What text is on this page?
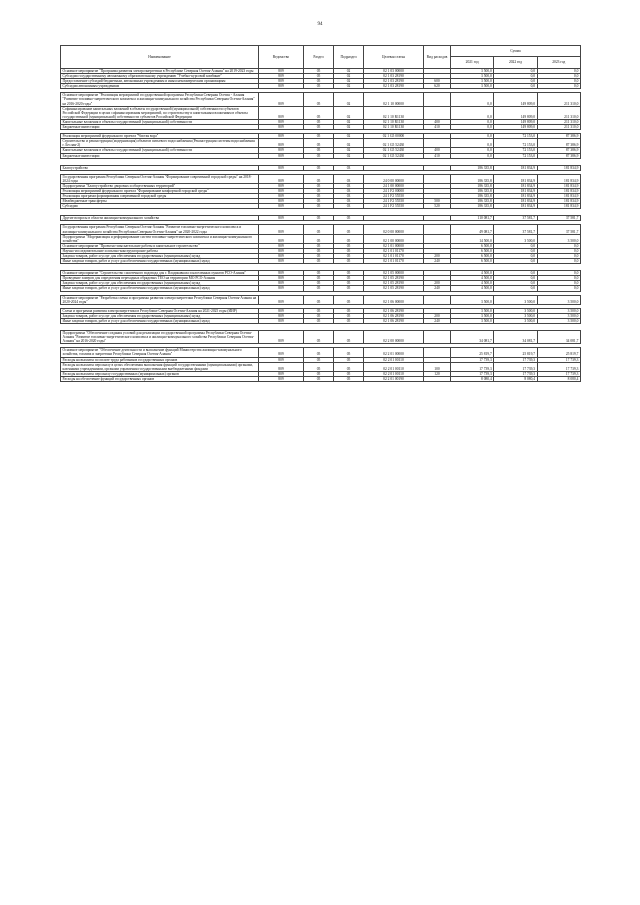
94
Наименование	Ведомство	Раздел	Подраздел	Целевая статья	Вид расходов	Сумма		
						2021 год	2022 год	2023 год
Основное мероприятие "Программа развития электроэнергетики в Республике Северная Осетия-Алания" на 2019-2023 годы	809	05	02	02 1 03 00000		3 500,0	0,0	0,0
Субсидии государственному автономному образовательному учреждению "Учебно-курсовой комбинат"	809	05	02	02 1 03 28190		3 500,0	0,0	0,0
Предоставление субсидий бюджетным, автономным учреждениям и иным некоммерческим организациям	809	05	02	02 1 03 28190	600	3 500,0	0,0	0,0
Субсидии автономным учреждениям	809	05	02	02 1 03 28190	620	3 500,0	0,0	0,0

Основное мероприятие "Реализация мероприятий государственной программы Республики Северная Осетия - Алания "Развитие топливно-энергетического комплекса и жилищно-коммунального хозяйства Республики Северная Осетия-Алания" на 2016-2020 годы"	809	05	02	02 1 10 00000		0,0	149 809,0	211 310,0
Софинансирование капитальных вложений в объекты государственной (муниципальной) собственности субъектов Российской Федерации в целях софинансирования мероприятий, по строительству и капитальным вложениям в объекты государственной (муниципальной) собственности субъектов Российской Федерации	809	05	02	02 1 10 R1130		0,0	149 809,0	211 310,0
Капитальные вложения в объекты государственной (муниципальной) собственности	809	05	02	02 1 10 R1130	400	0,0	149 809,0	211 310,0
Бюджетные инвестиции	809	05	02	02 1 10 R1130	410	0,0	149 809,0	211 310,0

Реализация мероприятий федерального проекта "Чистая вода"	809	05	02	02 1 G5 00000		0,0	72 153,0	87 386,9
Строительство и реконструкция (модернизация) объектов питьевого водоснабжения (Реконструкция системы водоснабжения г. Беслан-2)	809	05	02	02 1 G5 52430		0,0	72 153,0	87 386,9
Капитальные вложения в объекты государственной (муниципальной) собственности	809	05	02	02 1 G5 52430	400	0,0	72 153,0	87 386,9
Бюджетные инвестиции	809	05	02	02 1 G5 52430	410	0,0	72 153,0	87 386,9

Благоустройство	809	05	03			186 335,8	181 834,9	181 834,9

Государственная программа Республики Северная Осетия-Алания "Формирование современной городской среды" на 2018-2024 годы	809	05	03	24 0 00 00000		186 335,8	181 834,9	181 834,9
Подпрограмма "Благоустройство дворовых и общественных территорий"	809	05	03	24 1 00 00000		186 335,8	181 834,9	181 834,9
Реализация мероприятий федерального проекта "Формирование комфортной городской среды"	809	05	03	24 1 F2 00000		186 335,8	181 834,9	181 834,9
Реализация программ формирования современной городской среды	809	05	03	24 1 F2 55550		186 335,8	181 834,9	181 834,9
Межбюджетные трансферты	809	05	03	24 1 F2 55550	500	186 335,8	181 834,9	181 834,9
Субсидии	809	05	03	24 1 F2 55550	520	186 335,8	181 834,9	181 834,9

Другие вопросы в области жилищно-коммунального хозяйства	809	05	05			110 081,7	37 581,7	37 581,7

Государственная программа Республики Северная Осетия-Алания "Развитие топливно-энергетического комплекса и жилищно-коммунального хозяйства Республики Северная Осетия-Алания" на 2020-2022 годы	809	05	05	02 0 00 00000		49 081,7	37 581,7	37 581,7
Подпрограмма "Модернизация и реформирование систем топливно-энергетического комплекса и жилищно-коммунального хозяйства"	809	05	05	02 1 00 00000		14 500,0	3 500,0	3 500,0
Основное мероприятие "Проектно-изыскательские работы и капитальное строительство"	809	05	05	02 1 01 00000		6 500,0	0,0	0,0
Научно-исследовательские и опытно-конструкторские работы	809	05	05	02 1 01 01170		6 500,0	0,0	0,0
Закупка товаров, работ и услуг для обеспечения государственных (муниципальных) нужд	809	05	05	02 1 01 01170	200	6 500,0	0,0	0,0
Иные закупки товаров, работ и услуг для обеспечения государственных (муниципальных) нужд	809	05	05	02 1 01 01170	240	6 500,0	0,0	0,0

Основное мероприятие "Строительство самотечного водовода для г. Владикавказа и населенных пунктов РСО-Алания"	809	05	05	02 1 05 00000		4 500,0	0,0	0,0
Проведение замеров для определения переходных обрядовых ТЕО на территории МО РСО-Алания	809	05	05	02 1 05 28190		4 500,0	0,0	0,0
Закупка товаров, работ и услуг для обеспечения государственных (муниципальных) нужд	809	05	05	02 1 05 28190	200	4 500,0	0,0	0,0
Иные закупки товаров, работ и услуг для обеспечения государственных (муниципальных) нужд	809	05	05	02 1 05 28190	240	4 500,0	0,0	0,0

Основное мероприятие "Разработка схемы и программы развития электроэнергетики Республики Северная Осетия-Алания на 2020-2024 годы"	809	05	05	02 1 06 00000		3 500,0	3 500,0	3 500,0

Схема и программа развития электроэнергетики в Республике Северная Осетия-Алания на 2021-2025 годы (ИИР)	809	05	05	02 1 06 28190		3 500,0	3 500,0	3 500,0
Закупка товаров, работ и услуг для обеспечения государственных (муниципальных) нужд	809	05	05	02 1 06 28190	200	3 500,0	3 500,0	3 500,0
Иные закупки товаров, работ и услуг для обеспечения государственных (муниципальных) нужд	809	05	05	02 1 06 28190	240	3 500,0	3 500,0	3 500,0

Подпрограмма "Обеспечение создания условий для реализации государственной программы Республики Северная Осетия-Алания "Развитие топливно-энергетического комплекса и жилищно-коммунального хозяйства Республики Северная Осетия-Алания" на 2016-2020 годы"	809	05	05	02 2 00 00000		34 081,7	34 081,7	34 081,7

Основное мероприятие "Обеспечение деятельности и выполнение функций Министерства жилищно-коммунального хозяйства, топлива и энергетики Республики Северная Осетия-Алания"	809	05	05	02 2 01 00000		25 819,7	25 819,7	25 819,7
Расходы на выплаты по оплате труда работников государственных органов	809	05	05	02 2 01 00110		17 739,3	17 739,3	17 739,3
Расходы на выплаты персоналу в целях обеспечения выполнения функций государственными (муниципальными) органами, казенными учреждениями, органами управления государственными внебюджетными фондами	809	05	05	02 2 01 00110	100	17 739,3	17 739,3	17 739,3
Расходы на выплаты персоналу государственных (муниципальных) органов	809	05	05	02 2 01 00110	120	17 739,3	17 739,3	17 739,3
Расходы на обеспечение функций государственных органов	809	05	05	02 2 01 00190		8 080,4	8 080,4	8 080,4
